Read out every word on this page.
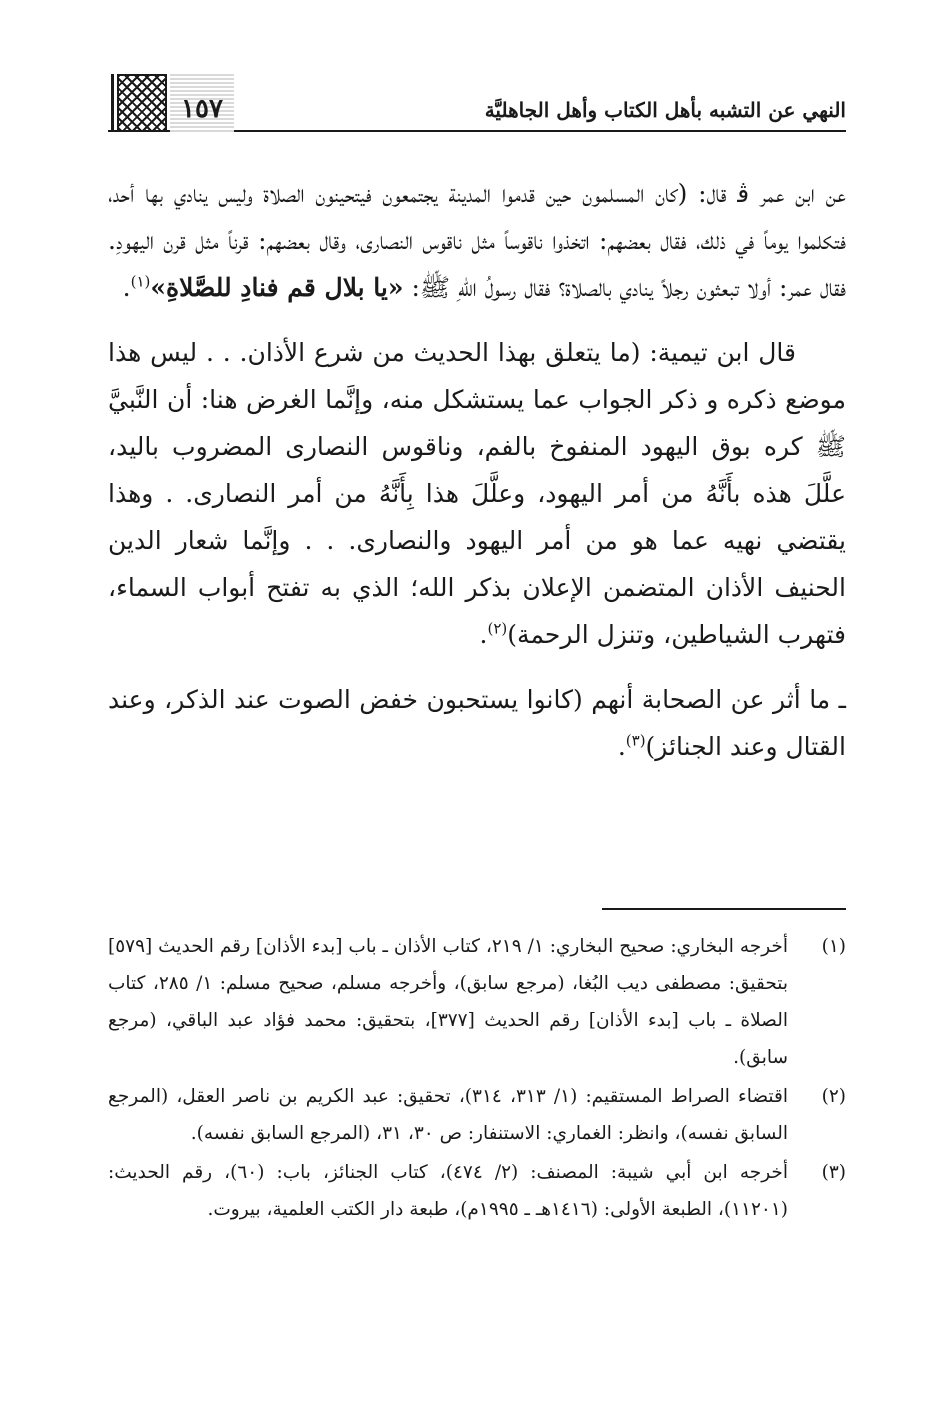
النهي عن التشبه بأهل الكتاب وأهل الجاهليَّة
١٥٧

عن ابن عمر ﭬ قال: (كان المسلمون حين قدموا المدينة يجتمعون فيتحينون الصلاة وليس ينادي بها أحد، فتكلموا يوماً في ذلك، فقال بعضهم: اتخذوا ناقوساً مثل ناقوس النصارى، وقال بعضهم: قرناً مثل قرن اليهودِ. فقال عمر: أولا تبعثون رجلاً ينادي بالصلاة؟ فقال رسولُ اللهِ ﷺ: «يا بلال قم فنادِ للصَّلاةِ»$^{(١)}$.

قال ابن تيمية: (ما يتعلق بهذا الحديث من شرع الأذان. . . ليس هذا موضع ذكره و ذكر الجواب عما يستشكل منه، وإنَّما الغرض هنا: أن النَّبيَّ ﷺ كره بوق اليهود المنفوخ بالفم، وناقوس النصارى المضروب باليد، علَّلَ هذه بأَنَّهُ من أمر اليهود، وعلَّلَ هذا بِأَنَّهُ من أمر النصارى. . وهذا يقتضي نهيه عما هو من أمر اليهود والنصارى. . . وإنَّما شعار الدين الحنيف الأذان المتضمن الإعلان بذكر الله؛ الذي به تفتح أبواب السماء، فتهرب الشياطين، وتنزل الرحمة)$^{(٢)}$.

ـ ما أثر عن الصحابة أنهم (كانوا يستحبون خفض الصوت عند الذكر، وعند القتال وعند الجنائز)$^{(٣)}$.

(١)
أخرجه البخاري: صحيح البخاري: ١/ ٢١٩، كتاب الأذان ـ باب [بدء الأذان] رقم الحديث [٥٧٩] بتحقيق: مصطفى ديب البُغا، (مرجع سابق)، وأخرجه مسلم، صحيح مسلم: ١/ ٢٨٥، كتاب الصلاة ـ باب [بدء الأذان] رقم الحديث [٣٧٧]، بتحقيق: محمد فؤاد عبد الباقي، (مرجع سابق).
(٢)
اقتضاء الصراط المستقيم: (١/ ٣١٣، ٣١٤)، تحقيق: عبد الكريم بن ناصر العقل، (المرجع السابق نفسه)، وانظر: الغماري: الاستنفار: ص ٣٠، ٣١، (المرجع السابق نفسه).
(٣)
أخرجه ابن أبي شيبة: المصنف: (٢/ ٤٧٤)، كتاب الجنائز، باب: (٦٠)، رقم الحديث: (١١٢٠١)، الطبعة الأولى: (١٤١٦هـ ـ ١٩٩٥م)، طبعة دار الكتب العلمية، بيروت.
